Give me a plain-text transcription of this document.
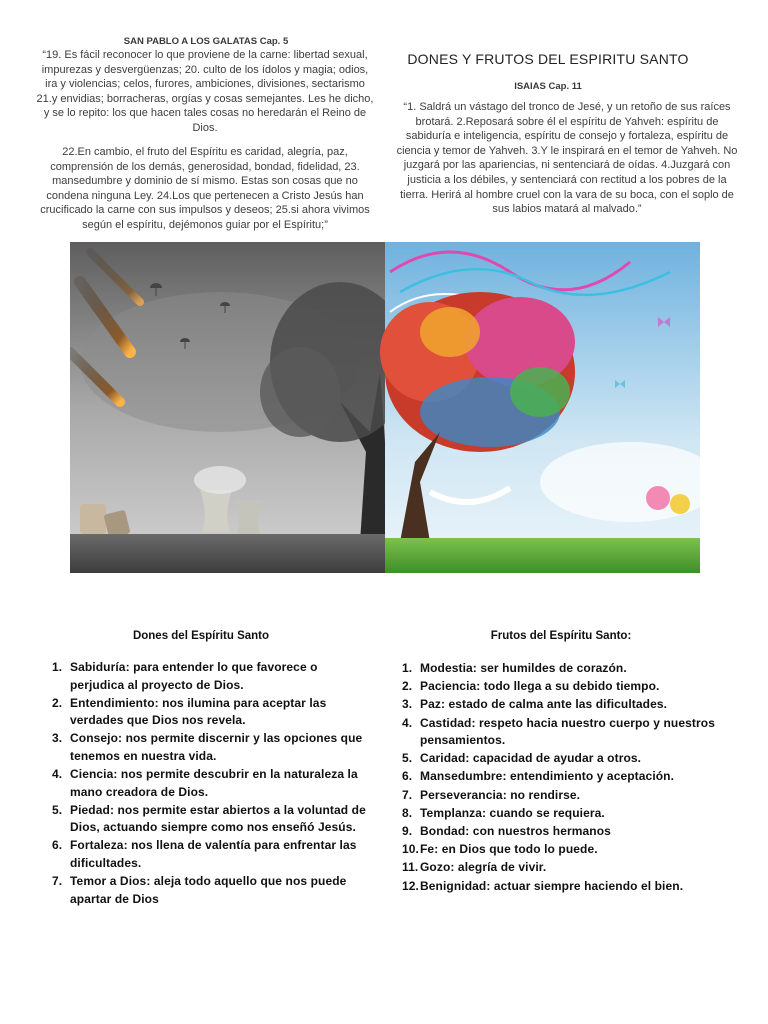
SAN PABLO A LOS GALATAS Cap. 5

“19. Es fácil reconocer lo que proviene de la carne: libertad sexual, impurezas y desvergüenzas; 20. culto de los ídolos y magia; odios, ira y violencias; celos, furores, ambiciones, divisiones, sectarismo 21.y envidias; borracheras, orgías y cosas semejantes. Les he dicho, y se lo repito: los que hacen tales cosas no heredarán el Reino de Dios.

22.En cambio, el fruto del Espíritu es caridad, alegría, paz, comprensión de los demás, generosidad, bondad, fidelidad, 23. mansedumbre y dominio de sí mismo. Estas son cosas que no condena ninguna Ley. 24.Los que pertenecen a Cristo Jesús han crucificado la carne con sus impulsos y deseos; 25.si ahora vivimos según el espíritu, dejémonos guiar por el Espíritu;”

DONES Y FRUTOS DEL ESPIRITU SANTO
ISAIAS Cap. 11

“1. Saldrá un vástago del tronco de Jesé, y un retoño de sus raíces brotará. 2.Reposará sobre él el espíritu de Yahveh: espíritu de sabiduría e inteligencia, espíritu de consejo y fortaleza, espíritu de ciencia y temor de Yahveh. 3.Y le inspirará en el temor de Yahveh. No juzgará por las apariencias, ni sentenciará de oídas. 4.Juzgará con justicia a los débiles, y sentenciará con rectitud a los pobres de la tierra. Herirá al hombre cruel con la vara de su boca, con el soplo de sus labios matará al malvado.”

Dones del Espíritu Santo	Frutos del Espíritu Santo:
1. Sabiduría: para entender lo que favorece o perjudica al proyecto de Dios.
2. Entendimiento: nos ilumina para aceptar las verdades que Dios nos revela.
3. Consejo: nos permite discernir y las opciones que tenemos en nuestra vida.
4. Ciencia: nos permite descubrir en la naturaleza la mano creadora de Dios.
5. Piedad: nos permite estar abiertos a la voluntad de Dios, actuando siempre como nos enseñó Jesús.
6. Fortaleza: nos llena de valentía para enfrentar las dificultades.
7. Temor a Dios: aleja todo aquello que nos puede apartar de Dios
1. Modestia: ser humildes de corazón.
2. Paciencia: todo llega a su debido tiempo.
3. Paz: estado de calma ante las dificultades.
4. Castidad: respeto hacia nuestro cuerpo y nuestros pensamientos.
5. Caridad: capacidad de ayudar a otros.
6. Mansedumbre: entendimiento y aceptación.
7. Perseverancia: no rendirse.
8. Templanza: cuando se requiera.
9. Bondad: con nuestros hermanos
10. Fe: en Dios que todo lo puede.
11. Gozo: alegría de vivir.
12. Benignidad: actuar siempre haciendo el bien.
